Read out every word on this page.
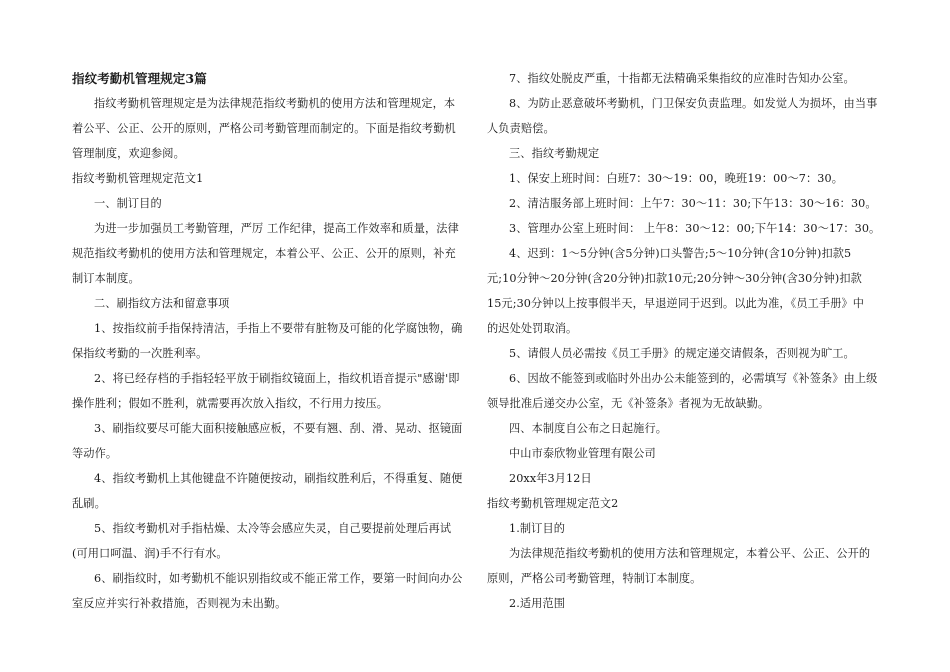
指纹考勤机管理规定3篇

指纹考勤机管理规定是为法律规范指纹考勤机的使用方法和管理规定，本

着公平、公正、公开的原则，严格公司考勤管理而制定的。下面是指纹考勤机

管理制度，欢迎参阅。

指纹考勤机管理规定范文1

一、制订目的

为进一步加强员工考勤管理，严厉 工作纪律，提高工作效率和质量，法律

规范指纹考勤机的使用方法和管理规定，本着公平、公正、公开的原则，补充

制订本制度。

二、刷指纹方法和留意事项

1、按指纹前手指保持清洁，手指上不要带有脏物及可能的化学腐蚀物，确

保指纹考勤的一次胜利率。

2、将已经存档的手指轻轻平放于刷指纹镜面上，指纹机语音提示"感谢'即

操作胜利；假如不胜利，就需要再次放入指纹，不行用力按压。

3、刷指纹要尽可能大面积接触感应板，不要有翘、刮、滑、晃动、抠镜面

等动作。

4、指纹考勤机上其他键盘不许随便按动，刷指纹胜利后，不得重复、随便

乱刷。

5、指纹考勤机对手指枯燥、太冷等会感应失灵，自己要提前处理后再试

(可用口呵温、润)手不行有水。

6、刷指纹时，如考勤机不能识别指纹或不能正常工作，要第一时间向办公

室反应并实行补救措施，否则视为未出勤。

7、指纹处脱皮严重，十指都无法精确采集指纹的应准时告知办公室。

8、为防止恶意破坏考勤机，门卫保安负责监理。如发觉人为损坏，由当事

人负责赔偿。

三、指纹考勤规定

1、保安上班时间：白班7：30～19：00，晚班19：00～7：30。

2、清洁服务部上班时间：上午7：30～11：30;下午13：30～16：30。

3、管理办公室上班时间： 上午8：30～12：00;下午14：30～17：30。

4、迟到：1～5分钟(含5分钟)口头警告;5～10分钟(含10分钟)扣款5

元;10分钟～20分钟(含20分钟)扣款10元;20分钟～30分钟(含30分钟)扣款

15元;30分钟以上按事假半天，早退逆同于迟到。以此为准，《员工手册》中

的迟处处罚取消。

5、请假人员必需按《员工手册》的规定递交请假条，否则视为旷工。

6、因故不能签到或临时外出办公未能签到的，必需填写《补签条》由上级

领导批准后递交办公室，无《补签条》者视为无故缺勤。

四、本制度自公布之日起施行。

中山市泰欣物业管理有限公司

20xx年3月12日

指纹考勤机管理规定范文2

1.制订目的

为法律规范指纹考勤机的使用方法和管理规定，本着公平、公正、公开的

原则，严格公司考勤管理，特制订本制度。

2.适用范围
